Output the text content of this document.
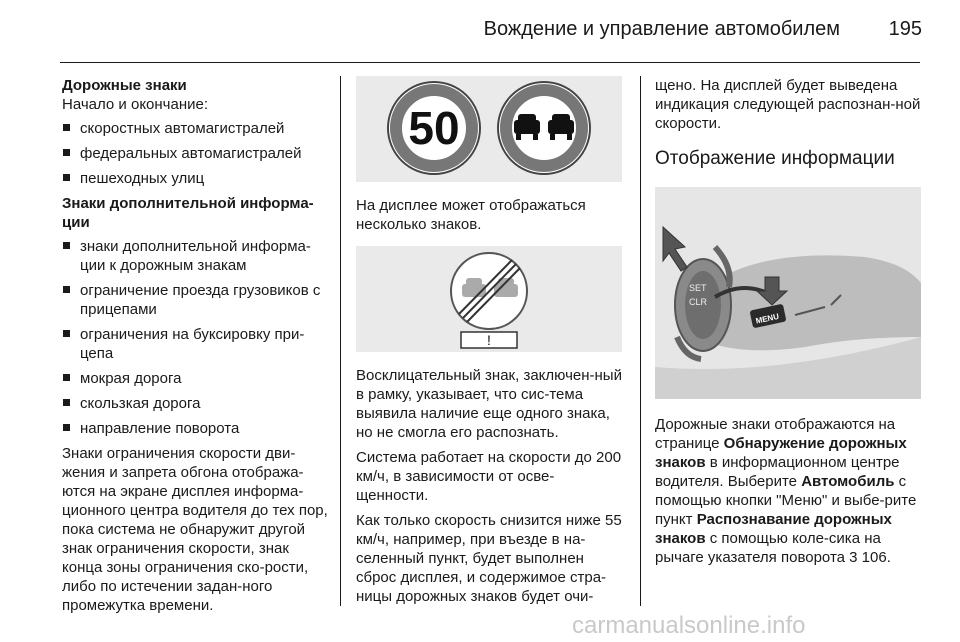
Вождение и управление автомобилем	195
Дорожные знаки
Начало и окончание:
скоростных автомагистралей
федеральных автомагистралей
пешеходных улиц
Знаки дополнительной информа-ции
знаки дополнительной информа-ции к дорожным знакам
ограничение проезда грузовиков с прицепами
ограничения на буксировку при-цепа
мокрая дорога
скользкая дорога
направление поворота
Знаки ограничения скорости дви-жения и запрета обгона отобража-ются на экране дисплея информа-ционного центра водителя до тех пор, пока система не обнаружит другой знак ограничения скорости, знак конца зоны ограничения ско-рости, либо по истечении задан-ного промежутка времени.
50
На дисплее может отображаться несколько знаков.
!
Восклицательный знак, заключен-ный в рамку, указывает, что сис-тема выявила наличие еще одного знака, но не смогла его распознать.
Система работает на скорости до 200 км/ч, в зависимости от осве-щенности.
Как только скорость снизится ниже 55 км/ч, например, при въезде в на-селенный пункт, будет выполнен сброс дисплея, и содержимое стра-ницы дорожных знаков будет очи-
щено. На дисплей будет выведена индикация следующей распознан-ной скорости.
Отображение информации
SET
CLR
MENU
Дорожные знаки отображаются на странице Обнаружение дорожных знаков в информационном центре водителя. Выберите Автомобиль с помощью кнопки "Меню" и выбе-рите пункт Распознавание дорожных знаков с помощью коле-сика на рычаге указателя поворота 3 106.
carmanualsonline.info
